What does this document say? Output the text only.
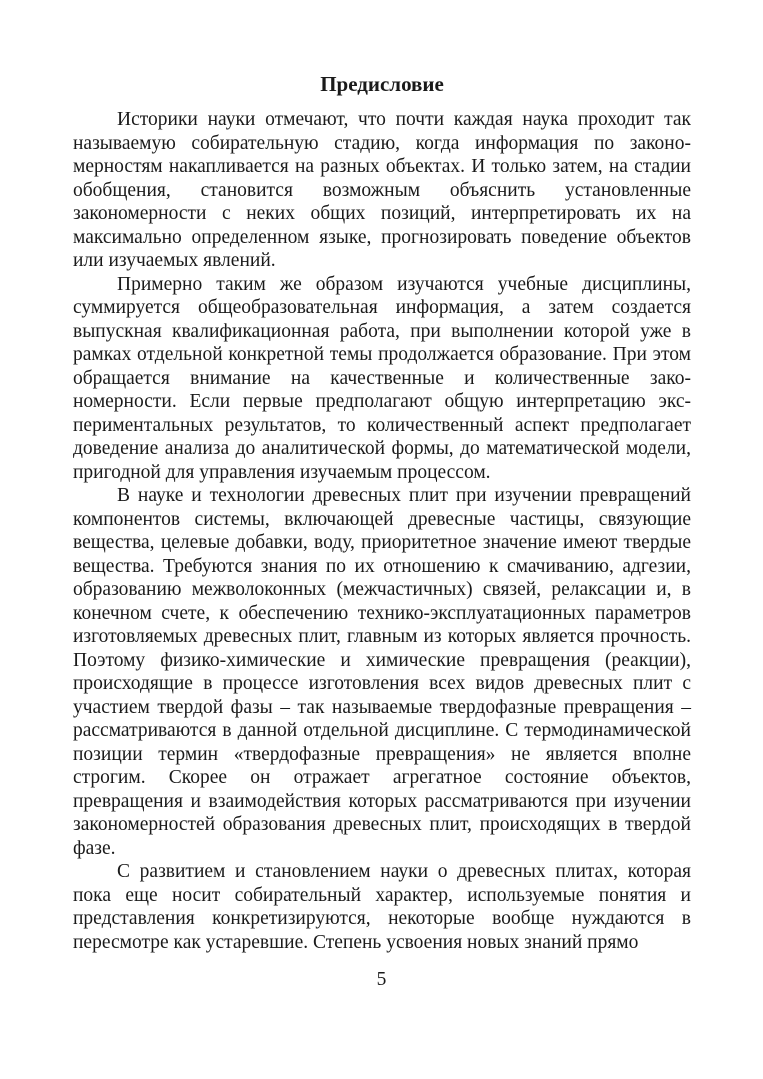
Предисловие

Историки науки отмечают, что почти каждая наука проходит так называемую собирательную стадию, когда информация по закономерностям накапливается на разных объектах. И только затем, на стадии обобщения, становится возможным объяснить установленные закономерности с неких общих позиций, интерпретировать их на максимально определенном языке, прогнозировать поведение объектов или изучаемых явлений.

Примерно таким же образом изучаются учебные дисциплины, суммируется общеобразовательная информация, а затем создается выпускная квалификационная работа, при выполнении которой уже в рамках отдельной конкретной темы продолжается образование. При этом обращается внимание на качественные и количественные закономерности. Если первые предполагают общую интерпретацию экспериментальных результатов, то количественный аспект предполагает доведение анализа до аналитической формы, до математической модели, пригодной для управления изучаемым процессом.

В науке и технологии древесных плит при изучении превращений компонентов системы, включающей древесные частицы, связующие вещества, целевые добавки, воду, приоритетное значение имеют твердые вещества. Требуются знания по их отношению к смачиванию, адгезии, образованию межволоконных (межчастичных) связей, релаксации и, в конечном счете, к обеспечению технико-эксплуатационных параметров изготовляемых древесных плит, главным из которых является прочность. Поэтому физико-химические и химические превращения (реакции), происходящие в процессе изготовления всех видов древесных плит с участием твердой фазы – так называемые твердофазные превращения – рассматриваются в данной отдельной дисциплине. С термодинамической позиции термин «твердофазные превращения» не является вполне строгим. Скорее он отражает агрегатное состояние объектов, превращения и взаимодействия которых рассматриваются при изучении закономерностей образования древесных плит, происходящих в твердой фазе.

С развитием и становлением науки о древесных плитах, которая пока еще носит собирательный характер, используемые понятия и представления конкретизируются, некоторые вообще нуждаются в пересмотре как устаревшие. Степень усвоения новых знаний прямо

5
